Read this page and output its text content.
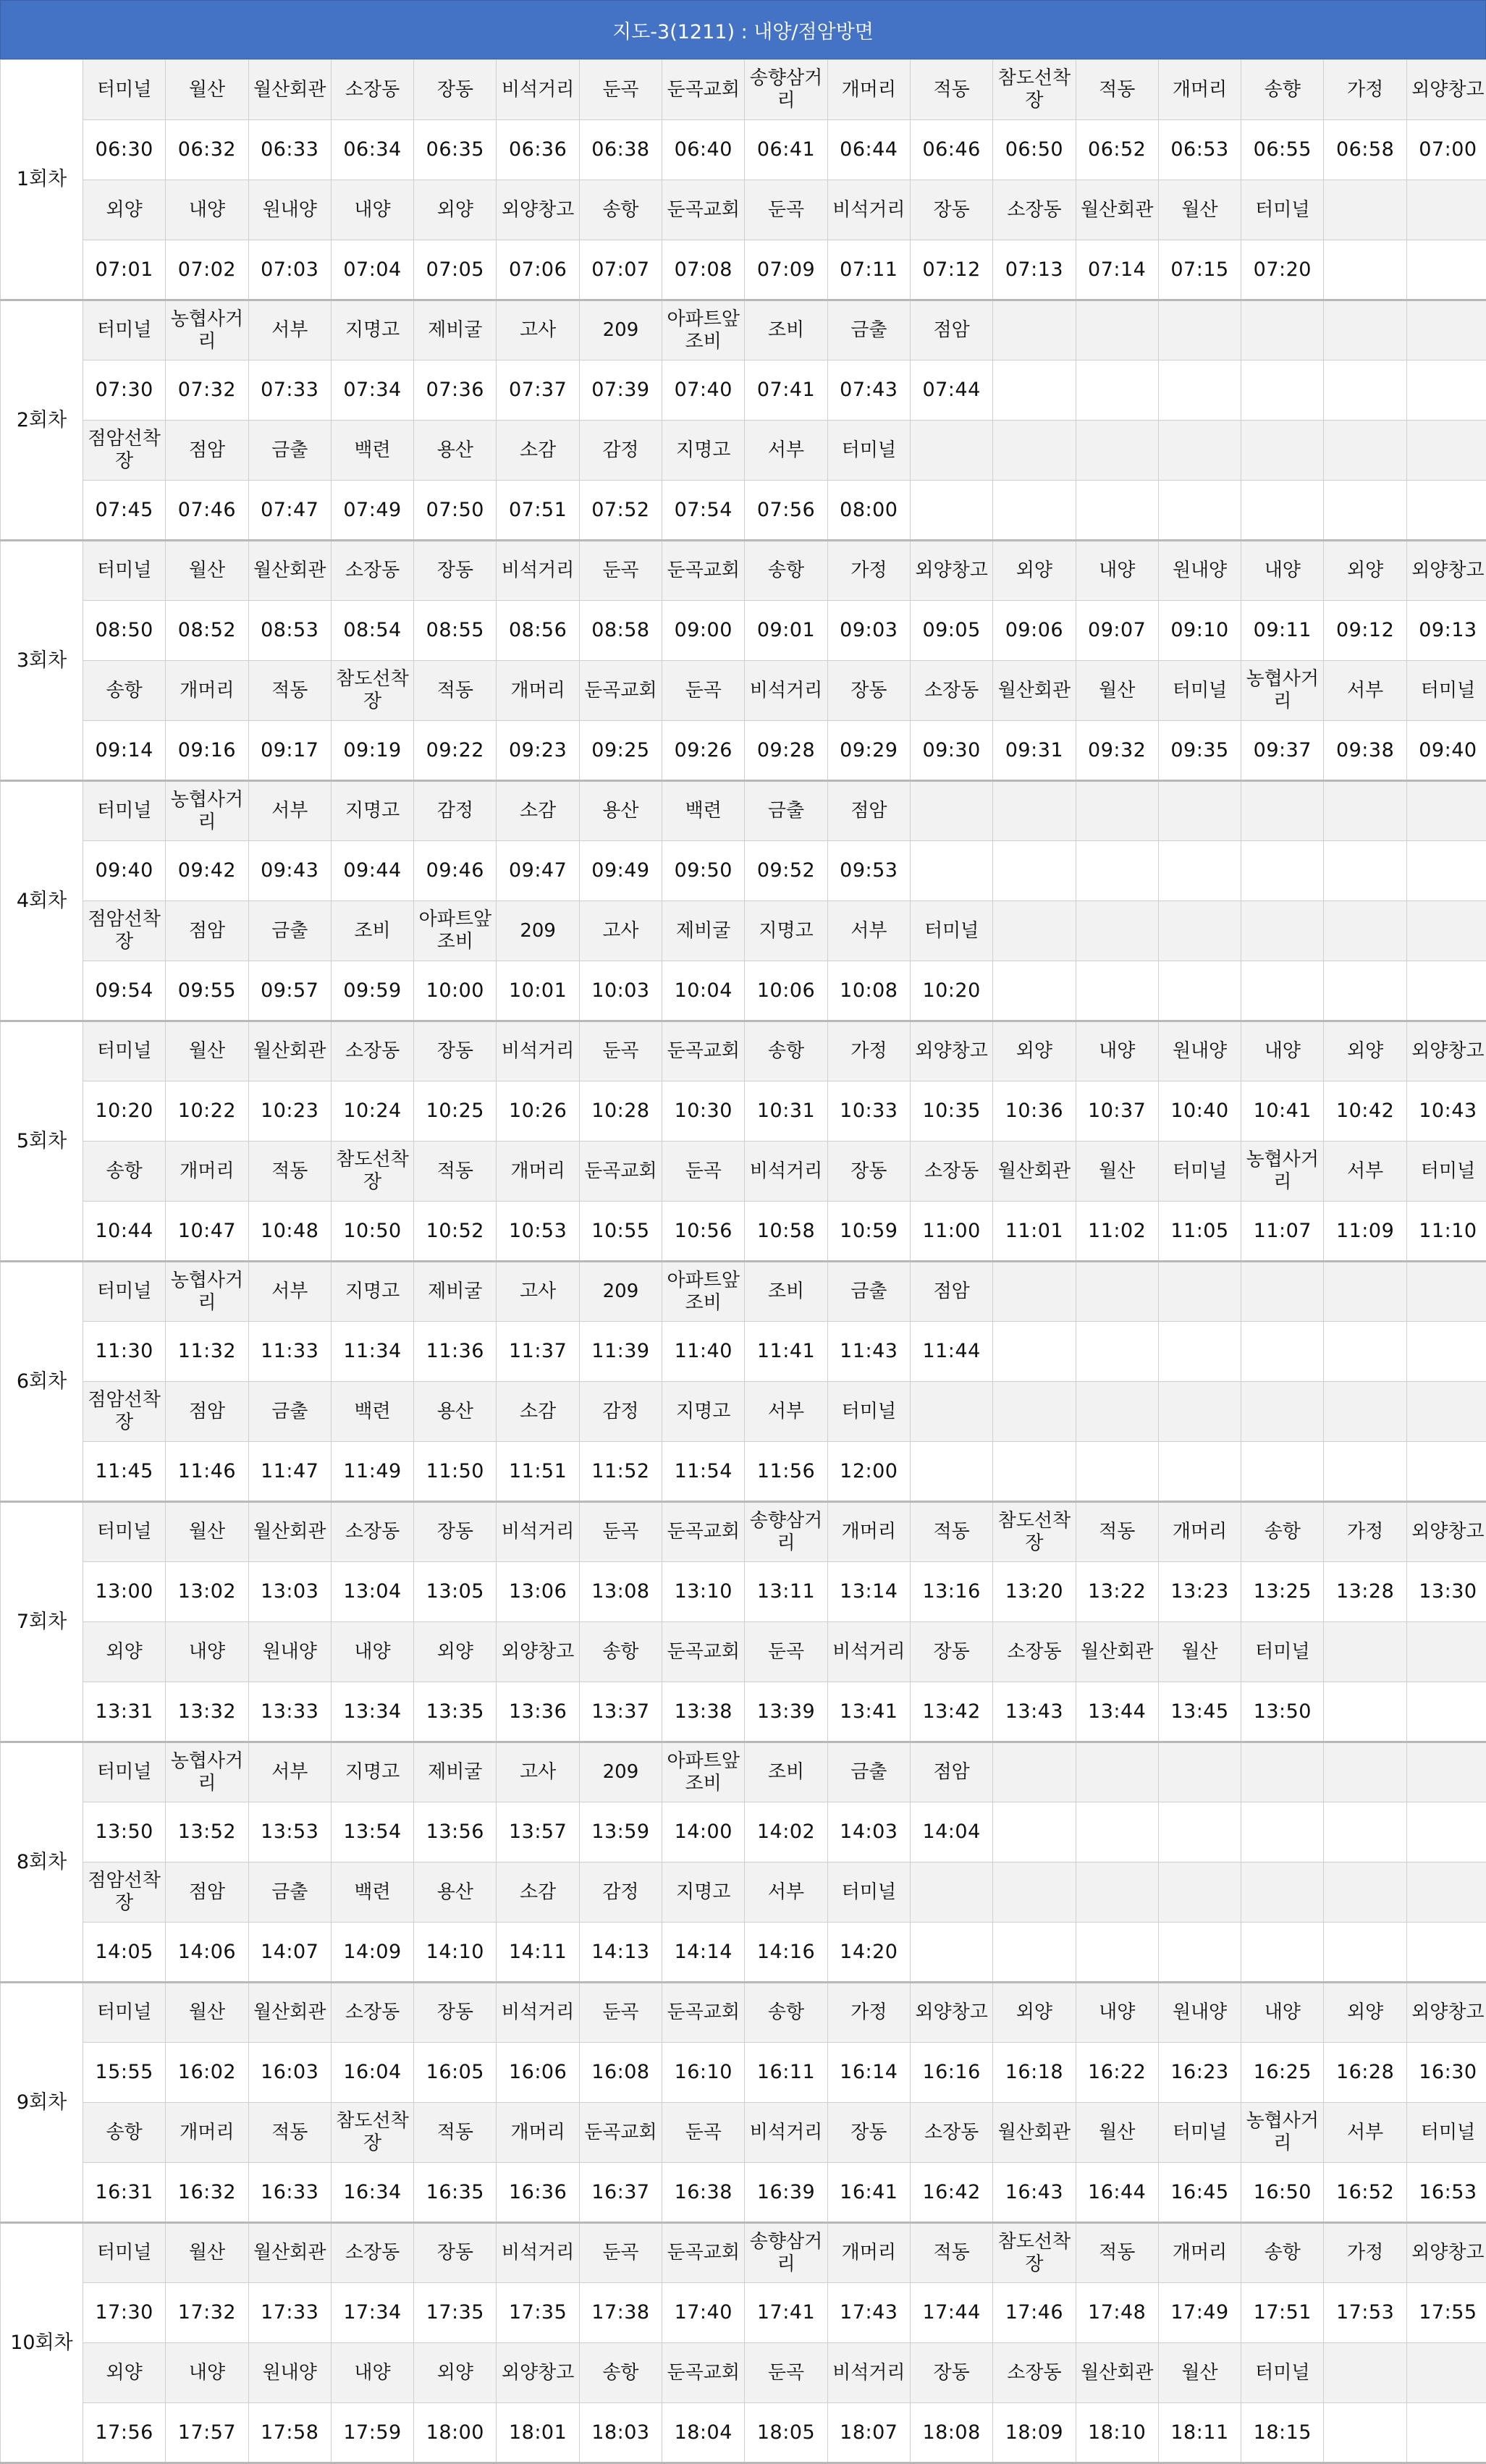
지도-3(1211) : 내양/점암방면
1회차	터미널	월산	월산회관	소장동	장동	비석거리	둔곡	둔곡교회	송향삼거리	개머리	적동	참도선착장	적동	개머리	송향	가정	외양창고
	06:30	06:32	06:33	06:34	06:35	06:36	06:38	06:40	06:41	06:44	06:46	06:50	06:52	06:53	06:55	06:58	07:00
	외양	내양	원내양	내양	외양	외양창고	송항	둔곡교회	둔곡	비석거리	장동	소장동	월산회관	월산	터미널		
	07:01	07:02	07:03	07:04	07:05	07:06	07:07	07:08	07:09	07:11	07:12	07:13	07:14	07:15	07:20		
2회차	터미널	농협사거리	서부	지명고	제비굴	고사	209	아파트앞조비	조비	금출	점암						
	07:30	07:32	07:33	07:34	07:36	07:37	07:39	07:40	07:41	07:43	07:44						
	점암선착장	점암	금출	백련	용산	소감	감정	지명고	서부	터미널							
	07:45	07:46	07:47	07:49	07:50	07:51	07:52	07:54	07:56	08:00							
3회차	터미널	월산	월산회관	소장동	장동	비석거리	둔곡	둔곡교회	송항	가정	외양창고	외양	내양	원내양	내양	외양	외양창고
	08:50	08:52	08:53	08:54	08:55	08:56	08:58	09:00	09:01	09:03	09:05	09:06	09:07	09:10	09:11	09:12	09:13
	송항	개머리	적동	참도선착장	적동	개머리	둔곡교회	둔곡	비석거리	장동	소장동	월산회관	월산	터미널	농협사거리	서부	터미널
	09:14	09:16	09:17	09:19	09:22	09:23	09:25	09:26	09:28	09:29	09:30	09:31	09:32	09:35	09:37	09:38	09:40
4회차	터미널	농협사거리	서부	지명고	감정	소감	용산	백련	금출	점암							
	09:40	09:42	09:43	09:44	09:46	09:47	09:49	09:50	09:52	09:53							
	점암선착장	점암	금출	조비	아파트앞조비	209	고사	제비굴	지명고	서부	터미널						
	09:54	09:55	09:57	09:59	10:00	10:01	10:03	10:04	10:06	10:08	10:20						
5회차	터미널	월산	월산회관	소장동	장동	비석거리	둔곡	둔곡교회	송항	가정	외양창고	외양	내양	원내양	내양	외양	외양창고
	10:20	10:22	10:23	10:24	10:25	10:26	10:28	10:30	10:31	10:33	10:35	10:36	10:37	10:40	10:41	10:42	10:43
	송항	개머리	적동	참도선착장	적동	개머리	둔곡교회	둔곡	비석거리	장동	소장동	월산회관	월산	터미널	농협사거리	서부	터미널
	10:44	10:47	10:48	10:50	10:52	10:53	10:55	10:56	10:58	10:59	11:00	11:01	11:02	11:05	11:07	11:09	11:10
6회차	터미널	농협사거리	서부	지명고	제비굴	고사	209	아파트앞조비	조비	금출	점암						
	11:30	11:32	11:33	11:34	11:36	11:37	11:39	11:40	11:41	11:43	11:44						
	점암선착장	점암	금출	백련	용산	소감	감정	지명고	서부	터미널							
	11:45	11:46	11:47	11:49	11:50	11:51	11:52	11:54	11:56	12:00							
7회차	터미널	월산	월산회관	소장동	장동	비석거리	둔곡	둔곡교회	송향삼거리	개머리	적동	참도선착장	적동	개머리	송항	가정	외양창고
	13:00	13:02	13:03	13:04	13:05	13:06	13:08	13:10	13:11	13:14	13:16	13:20	13:22	13:23	13:25	13:28	13:30
	외양	내양	원내양	내양	외양	외양창고	송항	둔곡교회	둔곡	비석거리	장동	소장동	월산회관	월산	터미널		
	13:31	13:32	13:33	13:34	13:35	13:36	13:37	13:38	13:39	13:41	13:42	13:43	13:44	13:45	13:50		
8회차	터미널	농협사거리	서부	지명고	제비굴	고사	209	아파트앞조비	조비	금출	점암						
	13:50	13:52	13:53	13:54	13:56	13:57	13:59	14:00	14:02	14:03	14:04						
	점암선착장	점암	금출	백련	용산	소감	감정	지명고	서부	터미널							
	14:05	14:06	14:07	14:09	14:10	14:11	14:13	14:14	14:16	14:20							
9회차	터미널	월산	월산회관	소장동	장동	비석거리	둔곡	둔곡교회	송항	가정	외양창고	외양	내양	원내양	내양	외양	외양창고
	15:55	16:02	16:03	16:04	16:05	16:06	16:08	16:10	16:11	16:14	16:16	16:18	16:22	16:23	16:25	16:28	16:30
	송항	개머리	적동	참도선착장	적동	개머리	둔곡교회	둔곡	비석거리	장동	소장동	월산회관	월산	터미널	농협사거리	서부	터미널
	16:31	16:32	16:33	16:34	16:35	16:36	16:37	16:38	16:39	16:41	16:42	16:43	16:44	16:45	16:50	16:52	16:53
10회차	터미널	월산	월산회관	소장동	장동	비석거리	둔곡	둔곡교회	송향삼거리	개머리	적동	참도선착장	적동	개머리	송항	가정	외양창고
	17:30	17:32	17:33	17:34	17:35	17:35	17:38	17:40	17:41	17:43	17:44	17:46	17:48	17:49	17:51	17:53	17:55
	외양	내양	원내양	내양	외양	외양창고	송항	둔곡교회	둔곡	비석거리	장동	소장동	월산회관	월산	터미널		
	17:56	17:57	17:58	17:59	18:00	18:01	18:03	18:04	18:05	18:07	18:08	18:09	18:10	18:11	18:15		
